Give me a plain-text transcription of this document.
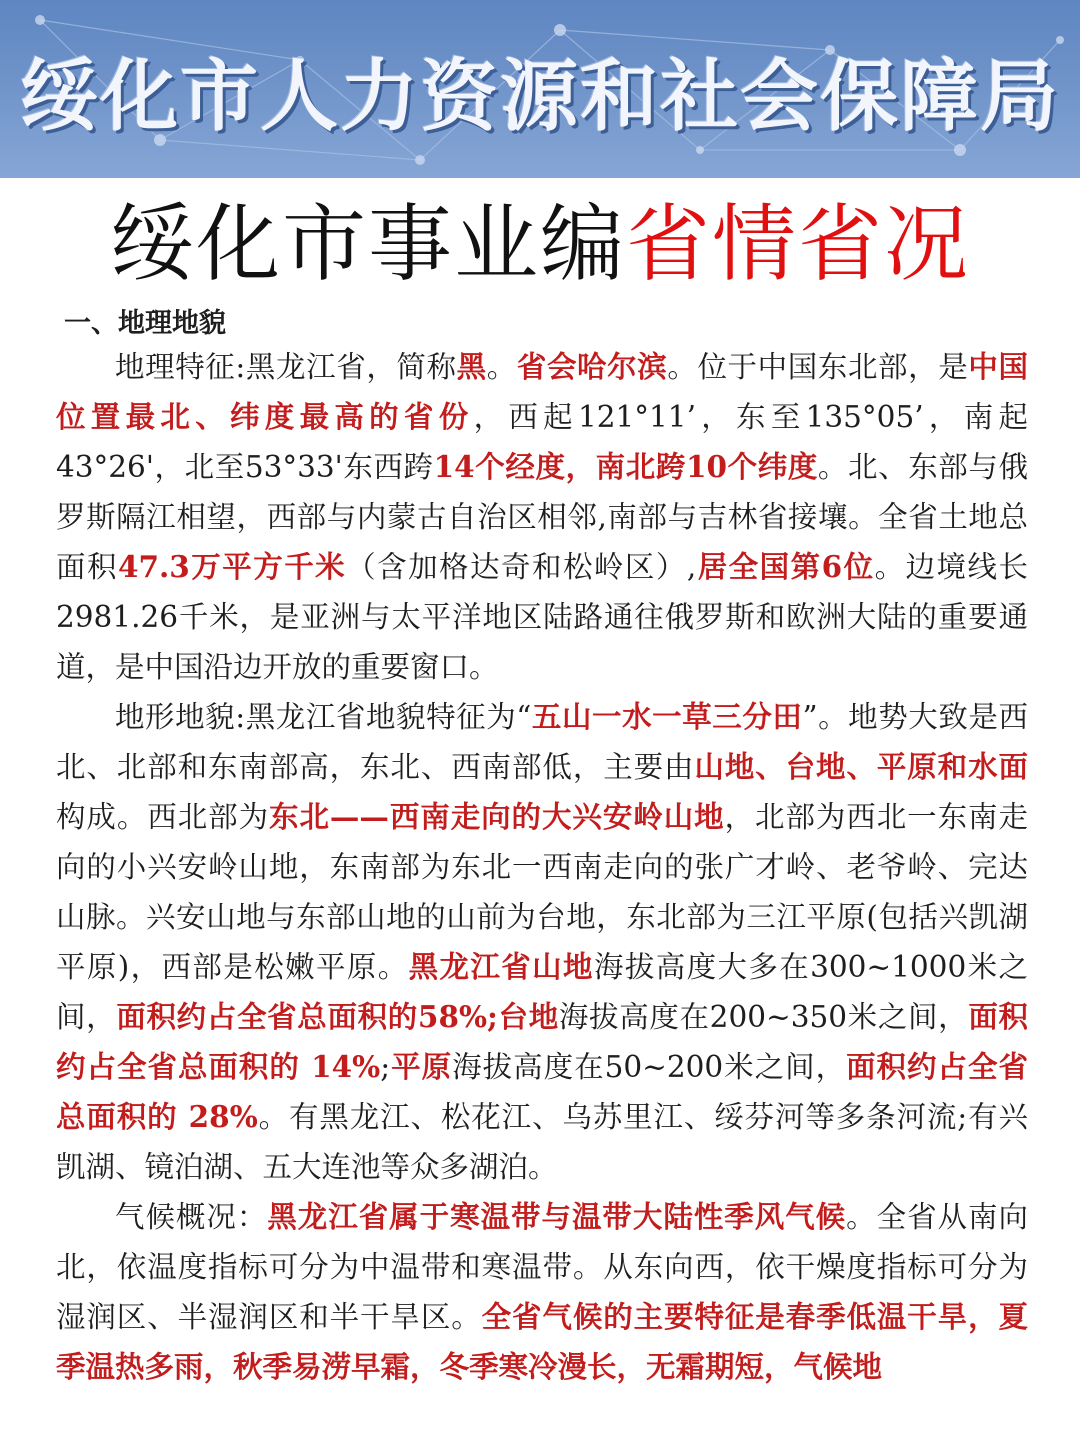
绥化市人力资源和社会保障局
绥化市事业编省情省况
一、地理地貌

地理特征:黑龙江省，简称黑。省会哈尔滨。位于中国东北部，是中国位置最北、纬度最高的省份，西起121°11’，东至135°05’，南起43°26'，北至53°33'东西跨14个经度，南北跨10个纬度。北、东部与俄罗斯隔江相望，西部与内蒙古自治区相邻,南部与吉林省接壤。全省土地总面积47.3万平方千米（含加格达奇和松岭区）,居全国第6位。边境线长 2981.26千米，是亚洲与太平洋地区陆路通往俄罗斯和欧洲大陆的重要通道，是中国沿边开放的重要窗口。

地形地貌:黑龙江省地貌特征为“五山一水一草三分田”。地势大致是西北、北部和东南部高，东北、西南部低，主要由山地、台地、平原和水面构成。西北部为东北——西南走向的大兴安岭山地，北部为西北一东南走向的小兴安岭山地，东南部为东北一西南走向的张广才岭、老爷岭、完达山脉。兴安山地与东部山地的山前为台地，东北部为三江平原(包括兴凯湖平原)，西部是松嫩平原。黑龙江省山地海拔高度大多在300~1000米之间，面积约占全省总面积的58%;台地海拔高度在200~350米之间，面积约占全省总面积的 14%;平原海拔高度在50~200米之间，面积约占全省总面积的 28%。有黑龙江、松花江、乌苏里江、绥芬河等多条河流;有兴凯湖、镜泊湖、五大连池等众多湖泊。

气候概况：黑龙江省属于寒温带与温带大陆性季风气候。全省从南向北，依温度指标可分为中温带和寒温带。从东向西，依干燥度指标可分为湿润区、半湿润区和半干旱区。全省气候的主要特征是春季低温干旱，夏季温热多雨，秋季易涝早霜，冬季寒冷漫长，无霜期短，气候地
